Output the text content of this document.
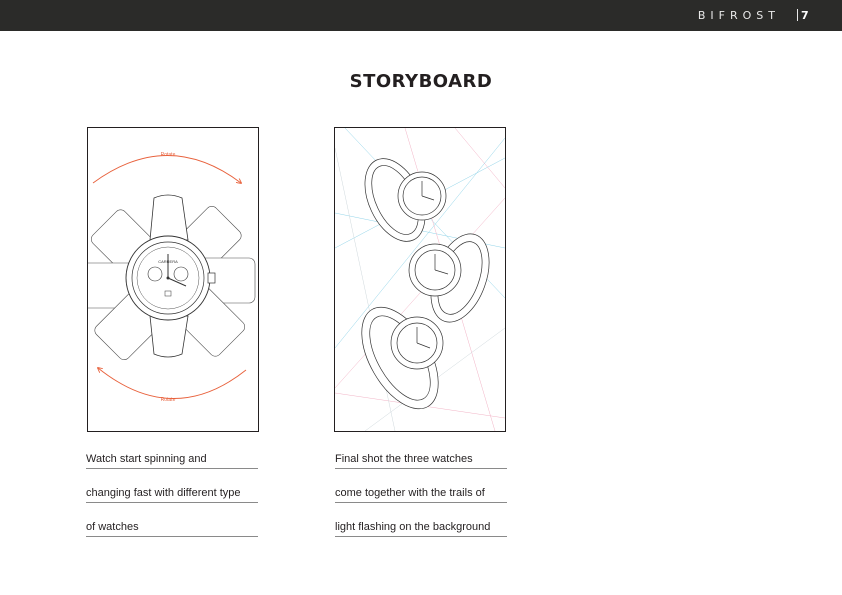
BIFROST 7
STORYBOARD
Rotate
Rotate
CARRERA
Watch start spinning and
changing fast with different type
of watches
Final shot the three watches
come together with the trails of
light flashing on the background
